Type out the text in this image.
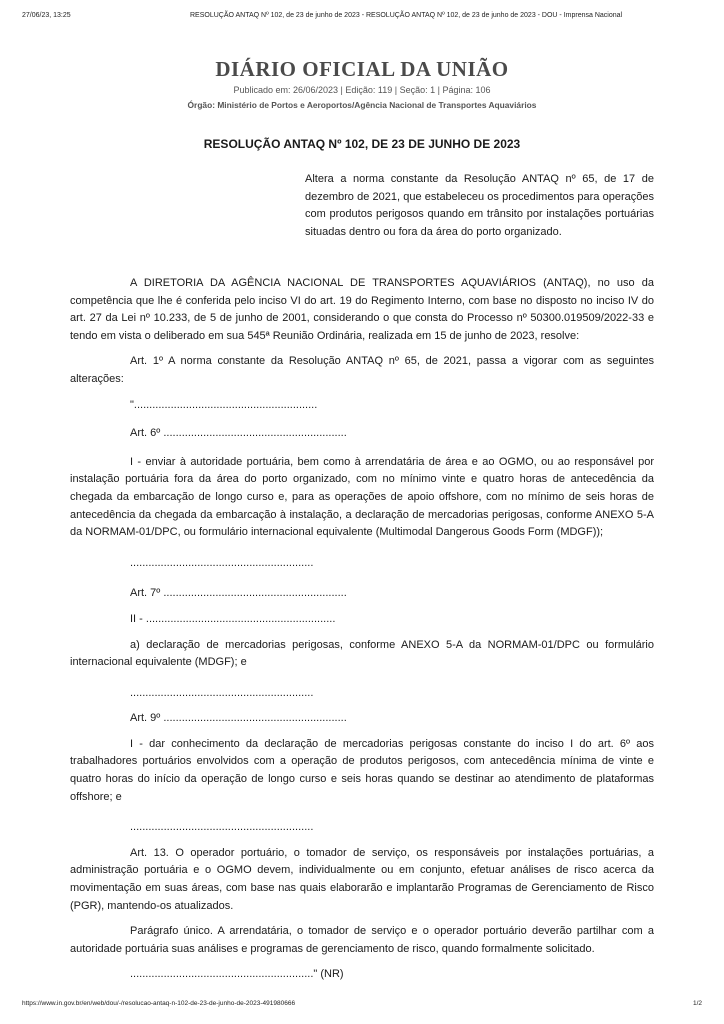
27/06/23, 13:25	RESOLUÇÃO ANTAQ Nº 102, de 23 de junho de 2023 - RESOLUÇÃO ANTAQ Nº 102, de 23 de junho de 2023 - DOU - Imprensa Nacional
DIÁRIO OFICIAL DA UNIÃO
Publicado em: 26/06/2023 | Edição: 119 | Seção: 1 | Página: 106
Órgão: Ministério de Portos e Aeroportos/Agência Nacional de Transportes Aquaviários
RESOLUÇÃO ANTAQ Nº 102, DE 23 DE JUNHO DE 2023
Altera a norma constante da Resolução ANTAQ nº 65, de 17 de dezembro de 2021, que estabeleceu os procedimentos para operações com produtos perigosos quando em trânsito por instalações portuárias situadas dentro ou fora da área do porto organizado.

A DIRETORIA DA AGÊNCIA NACIONAL DE TRANSPORTES AQUAVIÁRIOS (ANTAQ), no uso da competência que lhe é conferida pelo inciso VI do art. 19 do Regimento Interno, com base no disposto no inciso IV do art. 27 da Lei nº 10.233, de 5 de junho de 2001, considerando o que consta do Processo nº 50300.019509/2022-33 e tendo em vista o deliberado em sua 545ª Reunião Ordinária, realizada em 15 de junho de 2023, resolve:

Art. 1º A norma constante da Resolução ANTAQ nº 65, de 2021, passa a vigorar com as seguintes alterações:

"............................................................

Art. 6º ............................................................

I - enviar à autoridade portuária, bem como à arrendatária de área e ao OGMO, ou ao responsável por instalação portuária fora da área do porto organizado, com no mínimo vinte e quatro horas de antecedência da chegada da embarcação de longo curso e, para as operações de apoio offshore, com no mínimo de seis horas de antecedência da chegada da embarcação à instalação, a declaração de mercadorias perigosas, conforme ANEXO 5-A da NORMAM-01/DPC, ou formulário internacional equivalente (Multimodal Dangerous Goods Form (MDGF));

............................................................

Art. 7º ............................................................

II - ..............................................................

a) declaração de mercadorias perigosas, conforme ANEXO 5-A da NORMAM-01/DPC ou formulário internacional equivalente (MDGF); e

............................................................

Art. 9º ............................................................

I - dar conhecimento da declaração de mercadorias perigosas constante do inciso I do art. 6º aos trabalhadores portuários envolvidos com a operação de produtos perigosos, com antecedência mínima de vinte e quatro horas do início da operação de longo curso e seis horas quando se destinar ao atendimento de plataformas offshore; e

............................................................

Art. 13. O operador portuário, o tomador de serviço, os responsáveis por instalações portuárias, a administração portuária e o OGMO devem, individualmente ou em conjunto, efetuar análises de risco acerca da movimentação em suas áreas, com base nas quais elaborarão e implantarão Programas de Gerenciamento de Risco (PGR), mantendo-os atualizados.

Parágrafo único. A arrendatária, o tomador de serviço e o operador portuário deverão partilhar com a autoridade portuária suas análises e programas de gerenciamento de risco, quando formalmente solicitado.

............................................................" (NR)

https://www.in.gov.br/en/web/dou/-/resolucao-antaq-n-102-de-23-de-junho-de-2023-491980666	1/2
